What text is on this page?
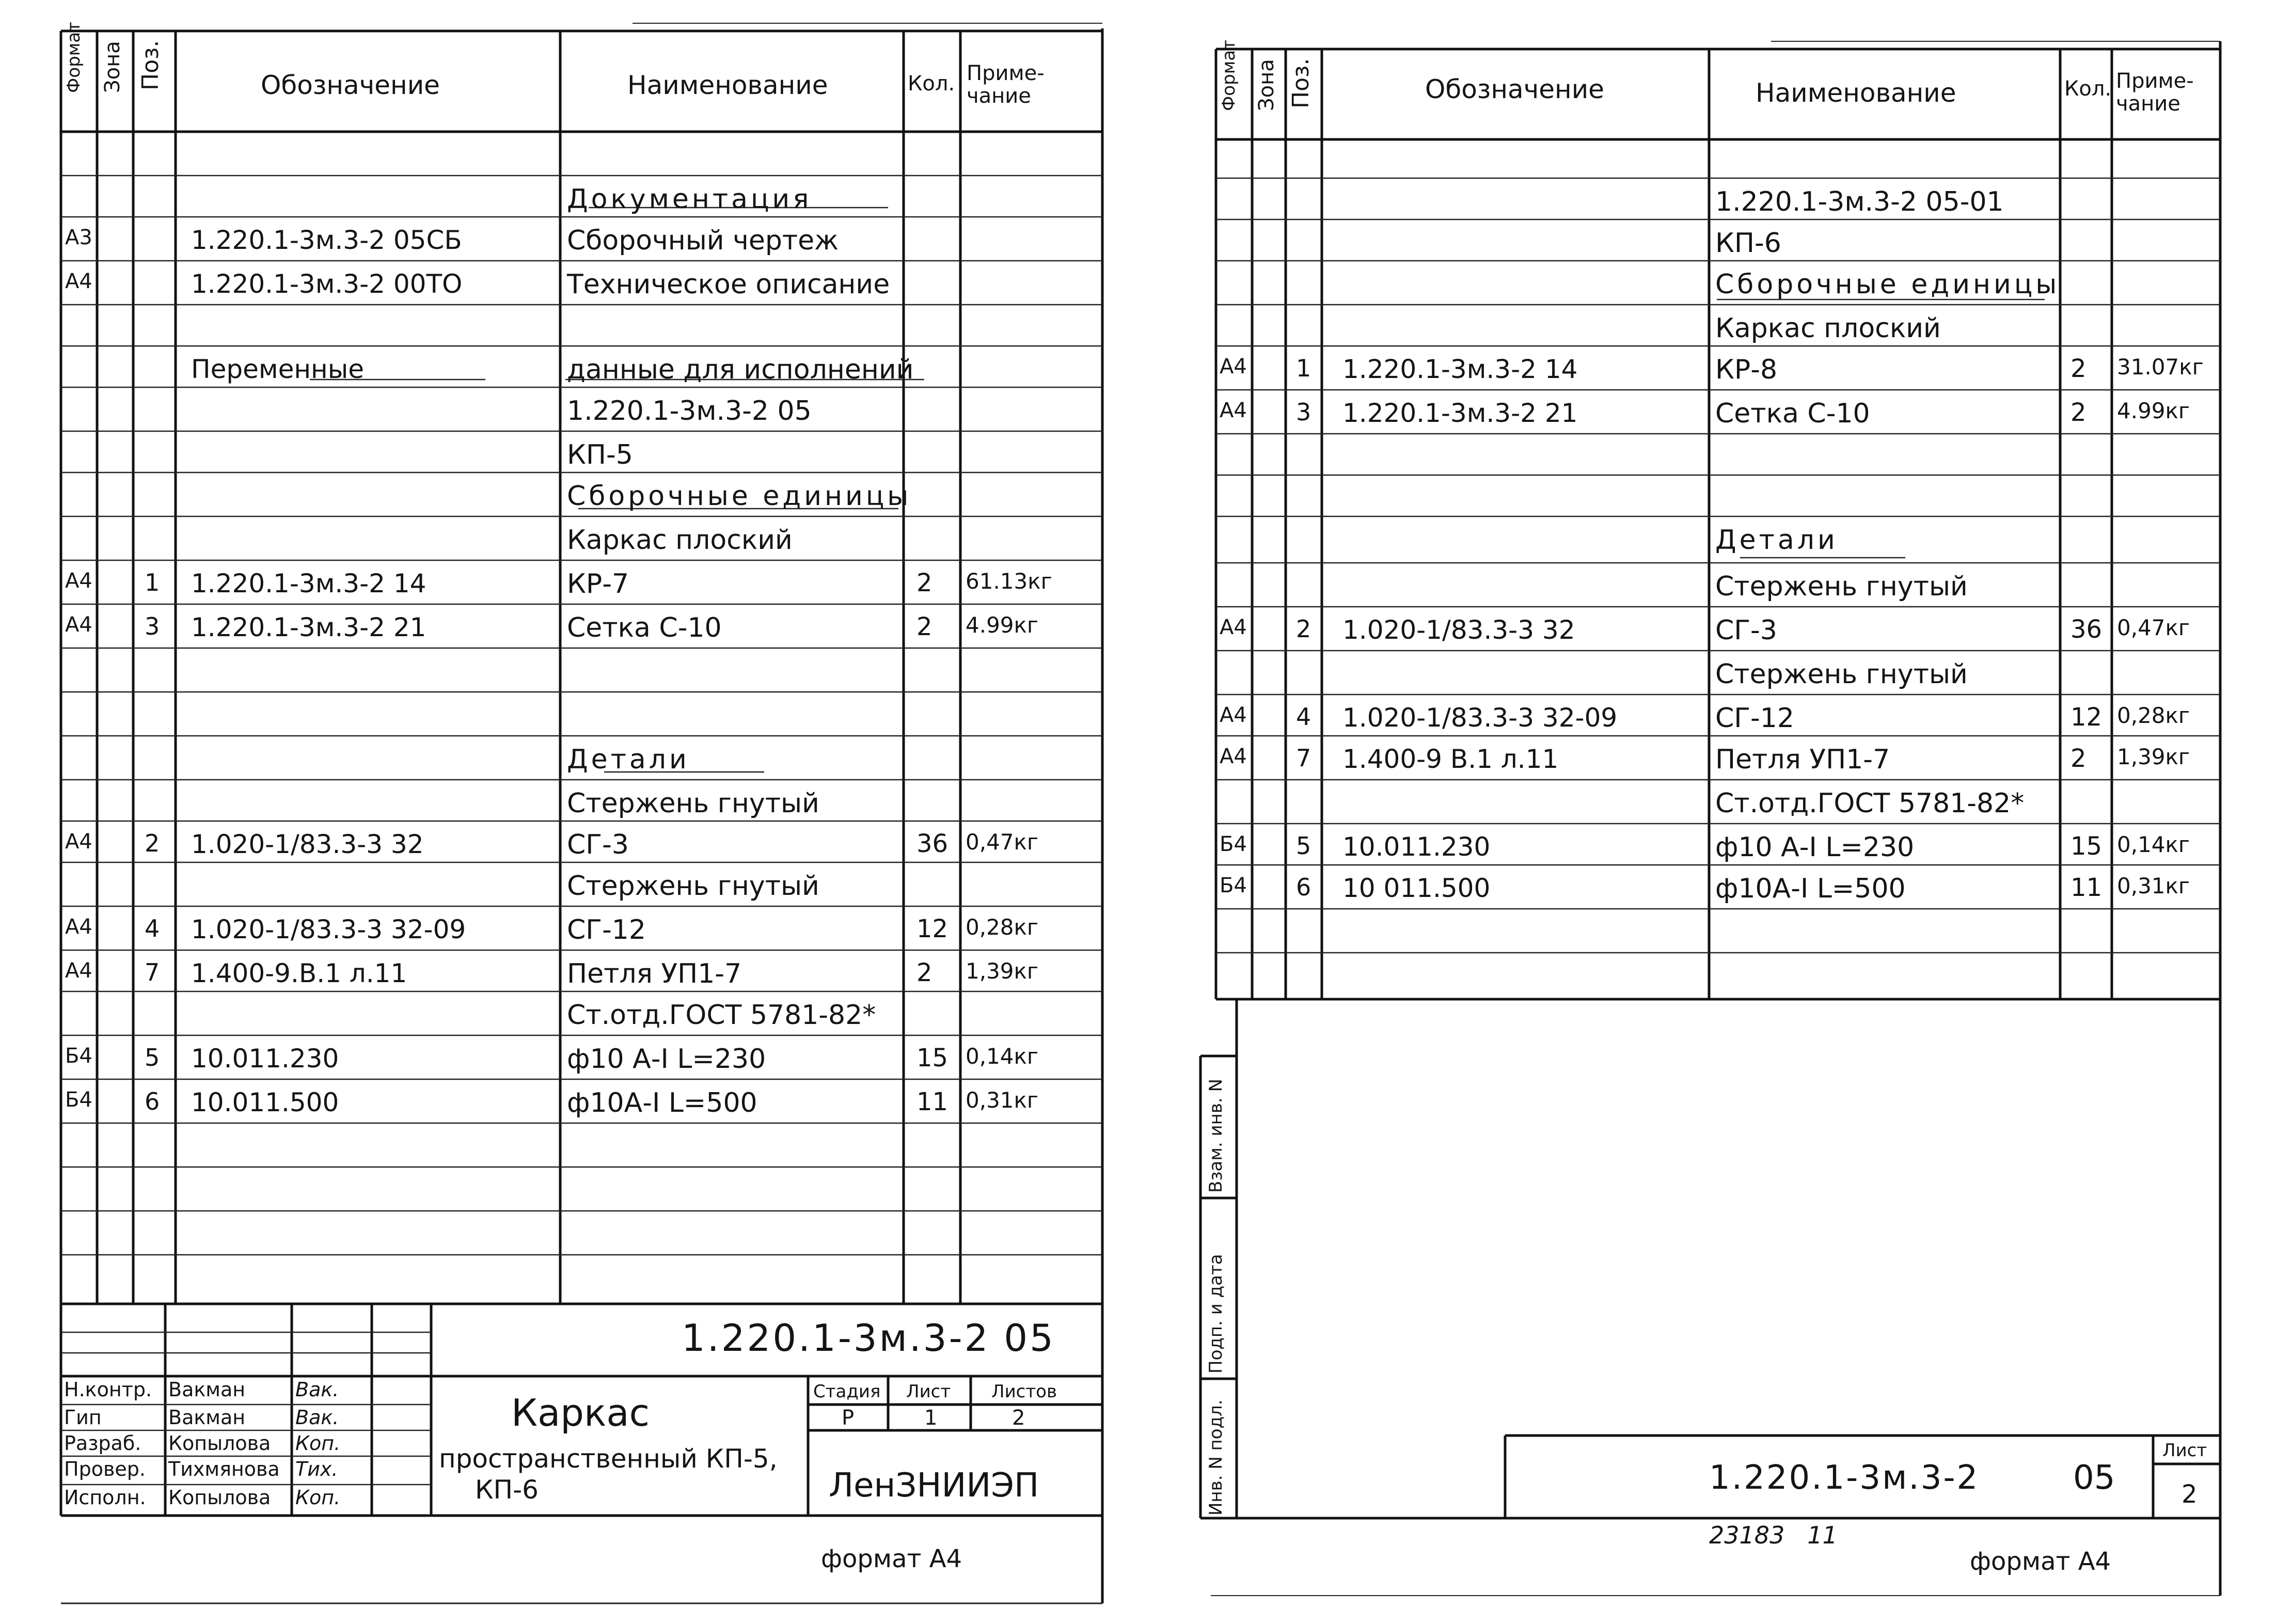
Формат Зона Поз.	Обозначение	Наименование	Кол. Приме-
чание
Документация
А3	1.220.1-3м.3-2 05СБ	Сборочный чертеж
А4	1.220.1-3м.3-2 00ТО	Техническое описание
Переменные	данные для исполнений
1.220.1-3м.3-2 05
КП-5
Сборочные единицы
Каркас плоский
А4 1 1.220.1-3м.3-2 14	КР-7	2 61.13кг
А4 3 1.220.1-3м.3-2 21	Сетка С-10	2 4.99кг
Детали
Стержень гнутый
А4 2 1.020-1/83.3-3 32	СГ-3	36 0,47кг
Стержень гнутый
А4 4 1.020-1/83.3-3 32-09	СГ-12	12 0,28кг
А4 7 1.400-9.В.1 л.11	Петля УП1-7	2 1,39кг
Ст.отд.ГОСТ 5781-82*
Б4 5 10.011.230	ф10 А-I L=230	15 0,14кг
Б4 6 10.011.500	ф10А-I L=500	11 0,31кг
1.220.1-3м.3-2 05
Н.контр. Вакман	Вак.
Гип	Вакман	Вак.
Разраб. Копылова Коп.
Провер. Тихмянова Тих.
Исполн. Копылова Коп.
Каркас
пространственный КП-5,
КП-6
Стадия Лист Листов
Р	1	2
ЛенЗНИИЭП
формат А4
Формат Зона Поз.	Обозначение	Наименование	Кол. Приме-
чание
1.220.1-3м.3-2 05-01
КП-6
Сборочные единицы
Каркас плоский
А4 1 1.220.1-3м.3-2 14	КР-8	2 31.07кг
А4 3 1.220.1-3м.3-2 21	Сетка С-10	2 4.99кг
Детали
Стержень гнутый
А4 2 1.020-1/83.3-3 32	СГ-3	36 0,47кг
Стержень гнутый
А4 4 1.020-1/83.3-3 32-09	СГ-12	12 0,28кг
А4 7 1.400-9 В.1 л.11	Петля УП1-7	2 1,39кг
Ст.отд.ГОСТ 5781-82*
Б4 5 10.011.230	ф10 А-I L=230	15 0,14кг
Б4 6 10 011.500	ф10А-I L=500	11 0,31кг
Инв. N подл.
Подп. и дата
Взам. инв. N
1.220.1-3м.3-2	05
Лист
2
23183   11
формат А4
